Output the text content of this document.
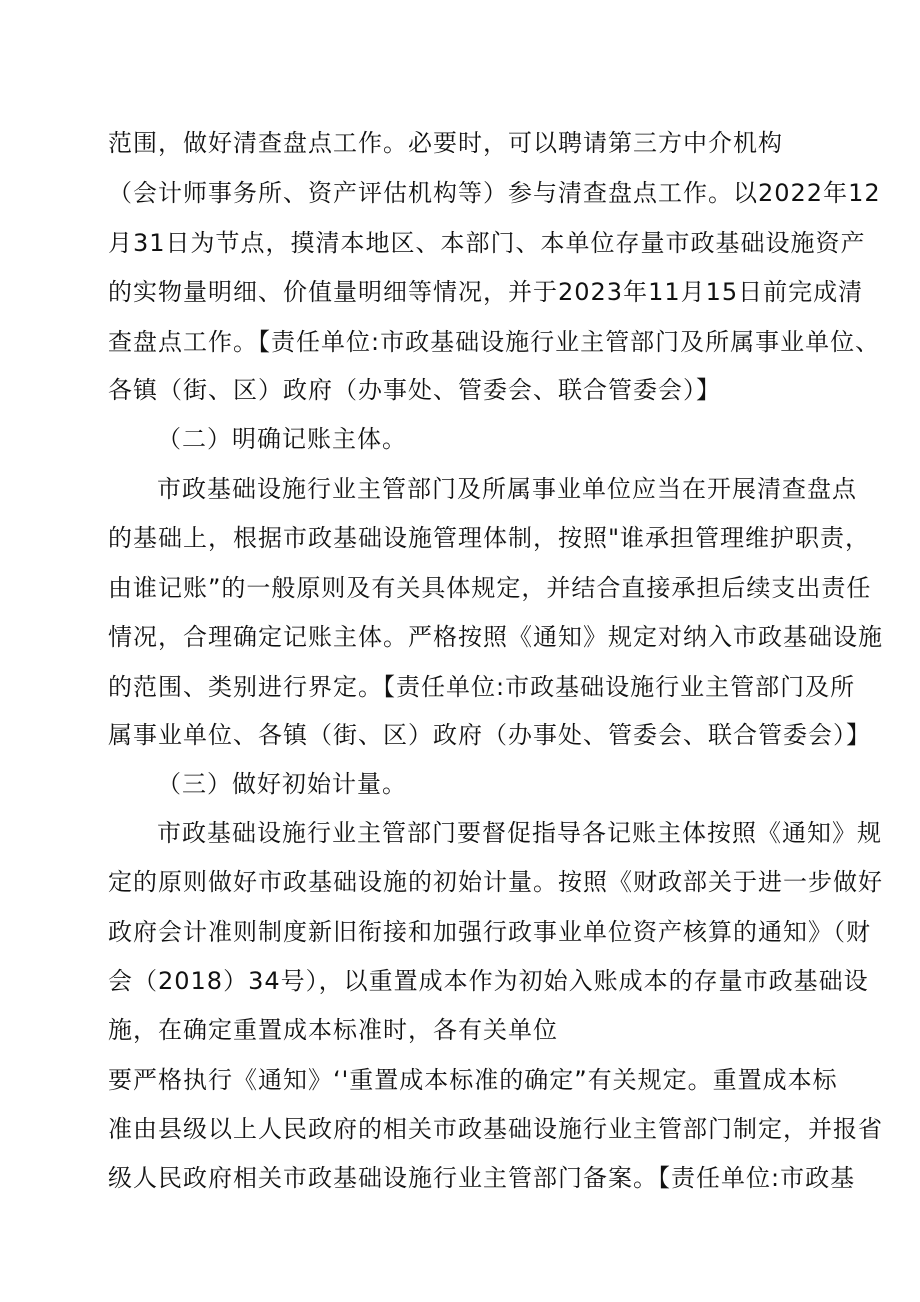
范围，做好清查盘点工作。必要时，可以聘请第三方中介机构
（会计师事务所、资产评估机构等）参与清查盘点工作。以2022年12
月31日为节点，摸清本地区、本部门、本单位存量市政基础设施资产
的实物量明细、价值量明细等情况，并于2023年11月15日前完成清
查盘点工作。【责任单位:市政基础设施行业主管部门及所属事业单位、
各镇（街、区）政府（办事处、管委会、联合管委会）】
（二）明确记账主体。
市政基础设施行业主管部门及所属事业单位应当在开展清查盘点
的基础上，根据市政基础设施管理体制，按照"谁承担管理维护职责，
由谁记账”的一般原则及有关具体规定，并结合直接承担后续支出责任
情况，合理确定记账主体。严格按照《通知》规定对纳入市政基础设施
的范围、类别进行界定。【责任单位:市政基础设施行业主管部门及所
属事业单位、各镇（街、区）政府（办事处、管委会、联合管委会）】
（三）做好初始计量。
市政基础设施行业主管部门要督促指导各记账主体按照《通知》规
定的原则做好市政基础设施的初始计量。按照《财政部关于进一步做好
政府会计准则制度新旧衔接和加强行政事业单位资产核算的通知》（财
会（2018）34号），以重置成本作为初始入账成本的存量市政基础设
施，在确定重置成本标准时，各有关单位
要严格执行《通知》‘'重置成本标准的确定”有关规定。重置成本标
准由县级以上人民政府的相关市政基础设施行业主管部门制定，并报省
级人民政府相关市政基础设施行业主管部门备案。【责任单位:市政基
